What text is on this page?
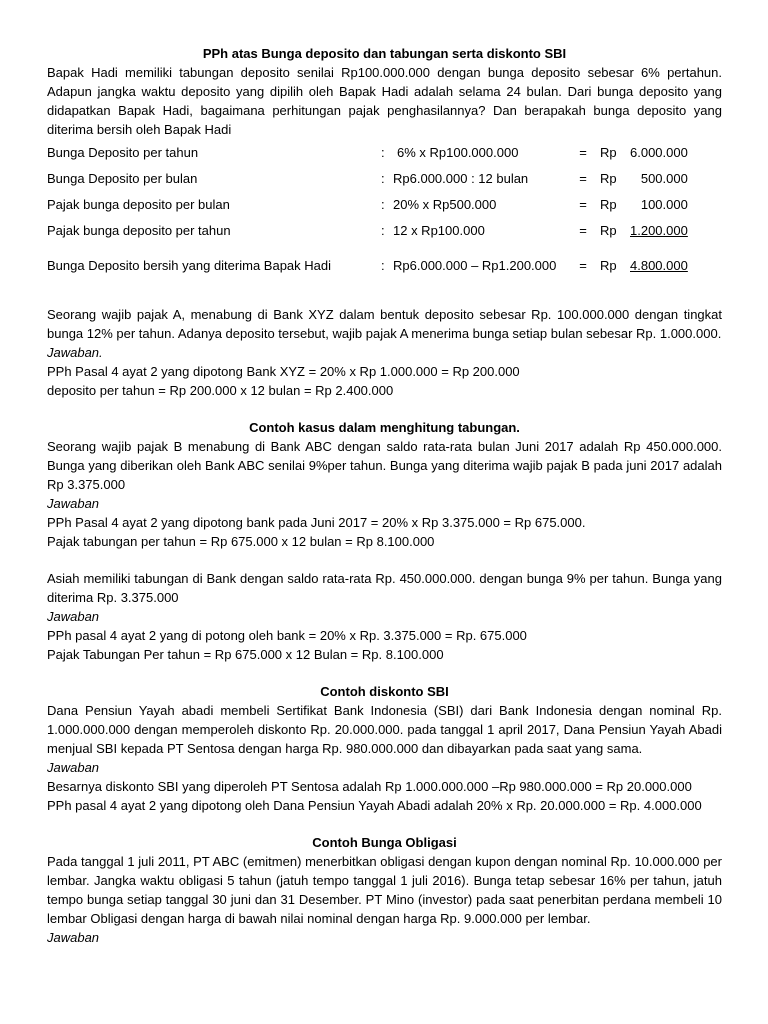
PPh atas Bunga deposito dan tabungan serta diskonto SBI

Bapak Hadi memiliki tabungan deposito senilai Rp100.000.000 dengan bunga deposito sebesar 6% pertahun. Adapun jangka waktu deposito yang dipilih oleh Bapak Hadi adalah selama 24 bulan. Dari bunga deposito yang didapatkan Bapak Hadi, bagaimana perhitungan pajak penghasilannya? Dan berapakah bunga deposito yang diterima bersih oleh Bapak Hadi

Bunga Deposito per tahun	:	6% x Rp100.000.000	=	Rp	6.000.000	
Bunga Deposito per bulan	:	Rp6.000.000 : 12 bulan	=	Rp	500.000	
Pajak bunga deposito per bulan	:	20% x Rp500.000	=	Rp	100.000	
Pajak bunga deposito per tahun	:	12 x Rp100.000	=	Rp	1.200.000	
Bunga Deposito bersih yang diterima Bapak Hadi	:	Rp6.000.000 – Rp1.200.000	=	Rp	4.800.000	

Seorang wajib pajak A, menabung di Bank XYZ dalam bentuk deposito sebesar Rp. 100.000.000 dengan tingkat bunga 12% per tahun. Adanya deposito tersebut, wajib pajak A menerima bunga setiap bulan sebesar Rp. 1.000.000.

Jawaban.

PPh Pasal 4 ayat 2 yang dipotong Bank XYZ = 20% x Rp 1.000.000 = Rp 200.000

deposito per tahun = Rp 200.000 x 12 bulan = Rp 2.400.000

Contoh kasus dalam menghitung tabungan.

Seorang wajib pajak B menabung di Bank ABC dengan saldo rata-rata bulan Juni 2017 adalah Rp 450.000.000. Bunga yang diberikan oleh Bank ABC senilai 9%per tahun. Bunga yang diterima wajib pajak B pada juni 2017 adalah Rp 3.375.000

Jawaban

PPh Pasal 4 ayat 2 yang dipotong bank pada Juni 2017 = 20% x Rp 3.375.000 = Rp 675.000.

Pajak tabungan per tahun = Rp 675.000 x 12 bulan = Rp 8.100.000

Asiah memiliki tabungan di Bank dengan saldo rata-rata Rp. 450.000.000. dengan bunga 9% per tahun. Bunga yang diterima Rp. 3.375.000

Jawaban

PPh pasal 4 ayat 2 yang di potong oleh bank = 20% x Rp. 3.375.000 = Rp. 675.000

Pajak Tabungan Per tahun = Rp 675.000 x 12 Bulan = Rp. 8.100.000

Contoh diskonto SBI

Dana Pensiun Yayah abadi membeli Sertifikat Bank Indonesia (SBI) dari Bank Indonesia dengan nominal Rp. 1.000.000.000 dengan memperoleh diskonto Rp. 20.000.000. pada tanggal 1 april 2017, Dana Pensiun Yayah Abadi menjual SBI kepada PT Sentosa dengan harga Rp. 980.000.000 dan dibayarkan pada saat yang sama.

Jawaban

Besarnya diskonto SBI yang diperoleh PT Sentosa adalah Rp 1.000.000.000 –Rp 980.000.000 = Rp 20.000.000

PPh pasal 4 ayat 2 yang dipotong oleh Dana Pensiun Yayah Abadi adalah 20% x Rp. 20.000.000 = Rp. 4.000.000

Contoh Bunga Obligasi

Pada tanggal 1 juli 2011, PT ABC (emitmen) menerbitkan obligasi dengan kupon dengan nominal Rp. 10.000.000 per lembar. Jangka waktu obligasi 5 tahun (jatuh tempo tanggal 1 juli 2016). Bunga tetap sebesar 16% per tahun, jatuh tempo bunga setiap tanggal 30 juni dan 31 Desember. PT Mino (investor) pada saat penerbitan perdana membeli 10 lembar Obligasi dengan harga di bawah nilai nominal dengan harga Rp. 9.000.000 per lembar.

Jawaban
